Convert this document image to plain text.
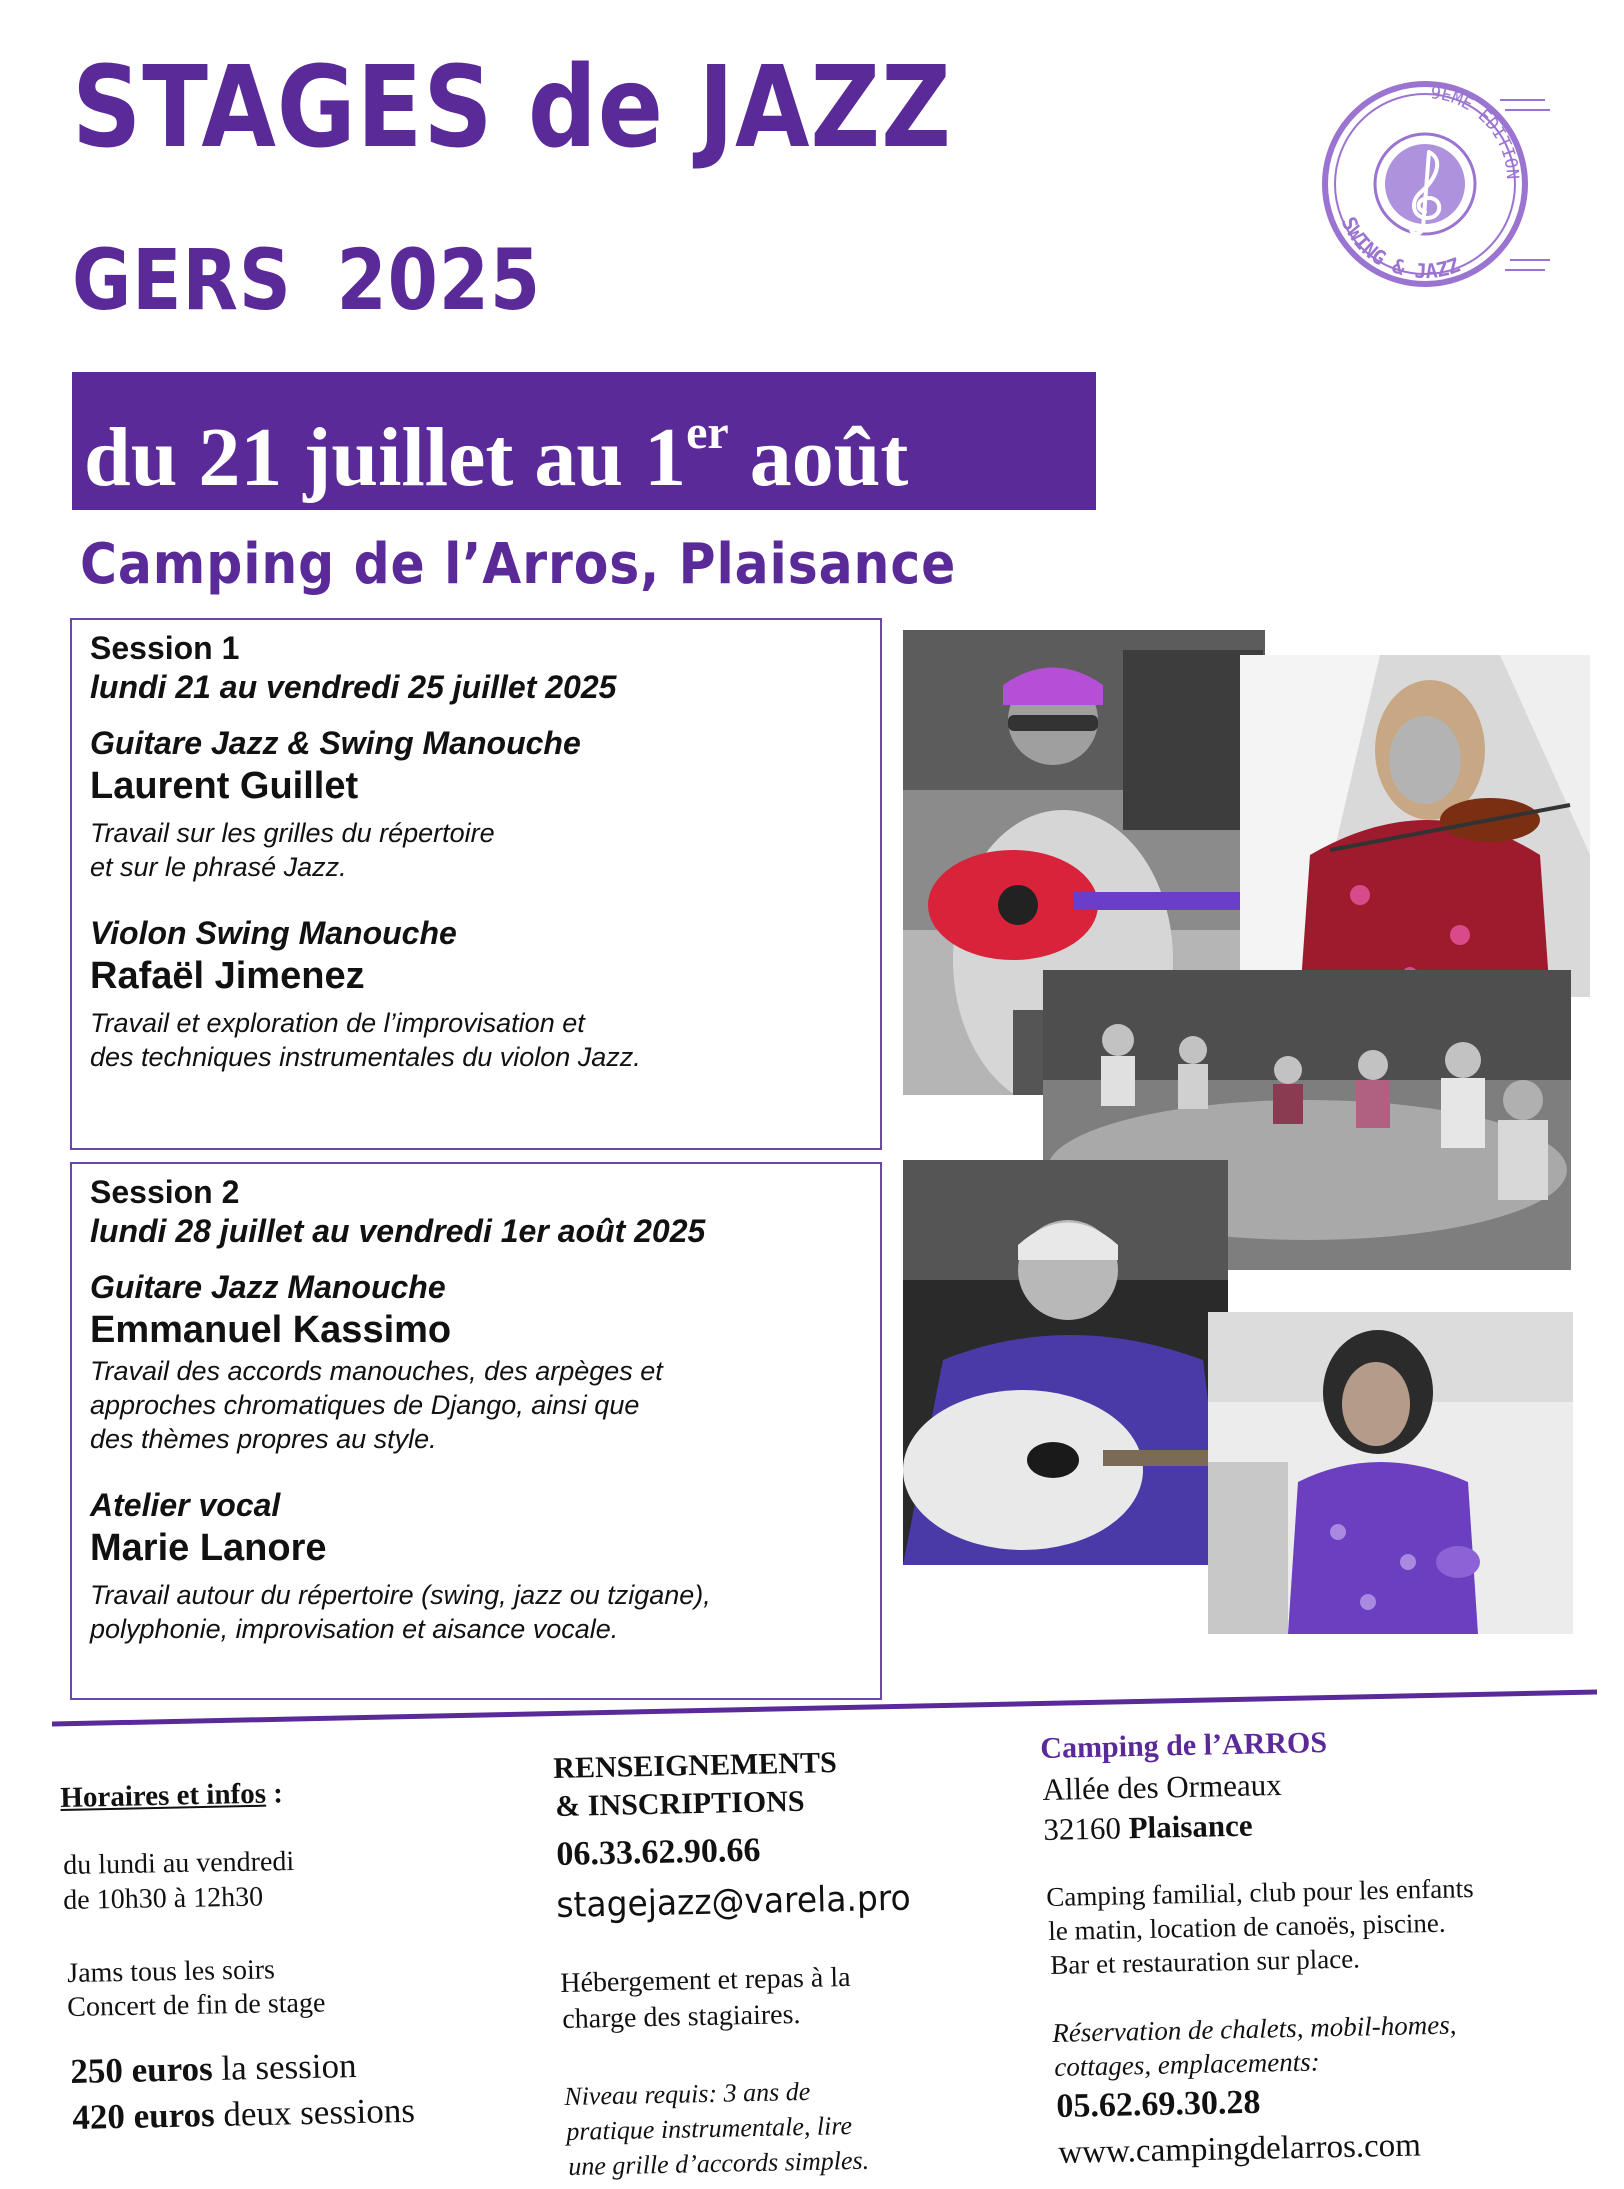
STAGES de JAZZ
GERS 2025
du 21 juillet au 1er août
Camping de l’Arros, Plaisance
9ÈME ÉDITION
SWING & JAZZ
Session 1
lundi 21 au vendredi 25 juillet 2025
Guitare Jazz & Swing Manouche
Laurent Guillet
Travail sur les grilles du répertoire
et sur le phrasé Jazz.
Violon Swing Manouche
Rafaël Jimenez
Travail et exploration de l’improvisation et
des techniques instrumentales du violon Jazz.
Session 2
lundi 28 juillet au vendredi 1er août 2025
Guitare Jazz Manouche
Emmanuel Kassimo
Travail des accords manouches, des arpèges et
approches chromatiques de Django, ainsi que
des thèmes propres au style.
Atelier vocal
Marie Lanore
Travail autour du répertoire (swing, jazz ou tzigane),
polyphonie, improvisation et aisance vocale.
Horaires et infos :
du lundi au vendredi
de 10h30 à 12h30
Jams tous les soirs
Concert de fin de stage
250 euros la session
420 euros deux sessions
RENSEIGNEMENTS
& INSCRIPTIONS
06.33.62.90.66
stagejazz@varela.pro
Hébergement et repas à la
charge des stagiaires.
Niveau requis: 3 ans de
pratique instrumentale, lire
une grille d’accords simples.
Camping de l’ARROS
Allée des Ormeaux
32160 Plaisance
Camping familial, club pour les enfants
le matin, location de canoës, piscine.
Bar et restauration sur place.
Réservation de chalets, mobil-homes,
cottages, emplacements:
05.62.69.30.28
www.campingdelarros.com
